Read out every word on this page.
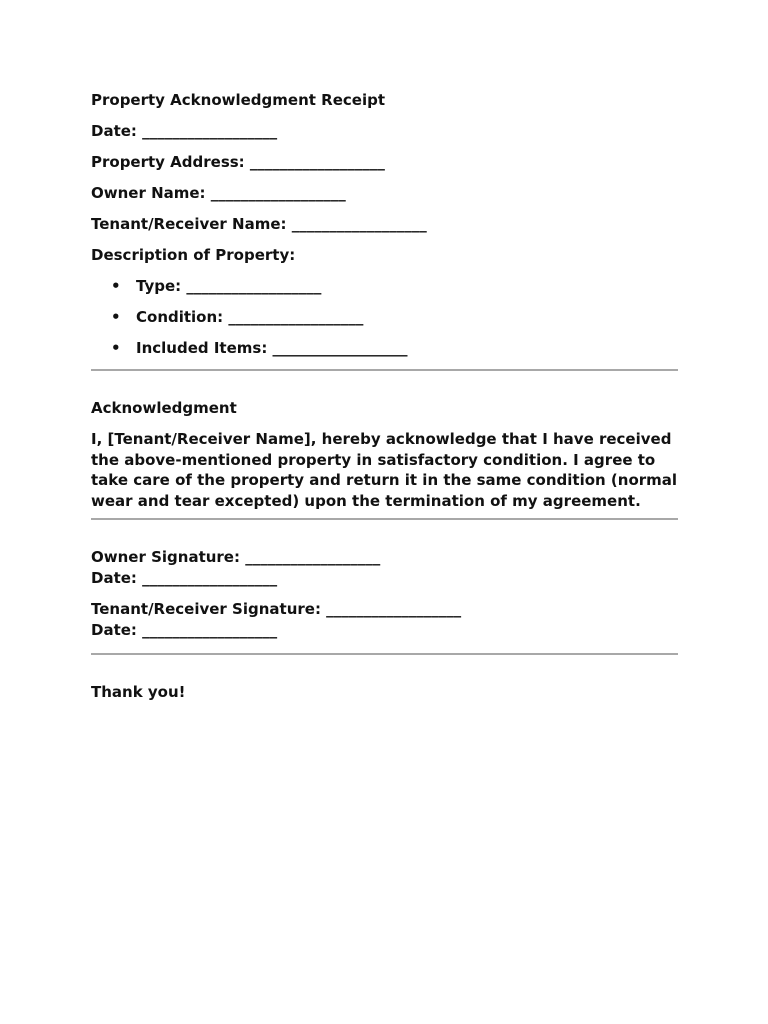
Property Acknowledgment Receipt

Date: __________________

Property Address: __________________

Owner Name: __________________

Tenant/Receiver Name: __________________

Description of Property:

• Type: __________________
• Condition: __________________
• Included Items: __________________

Acknowledgment

I, [Tenant/Receiver Name], hereby acknowledge that I have received the above-mentioned property in satisfactory condition. I agree to take care of the property and return it in the same condition (normal wear and tear excepted) upon the termination of my agreement.

Owner Signature: __________________

Date: __________________

Tenant/Receiver Signature: __________________

Date: __________________

Thank you!
